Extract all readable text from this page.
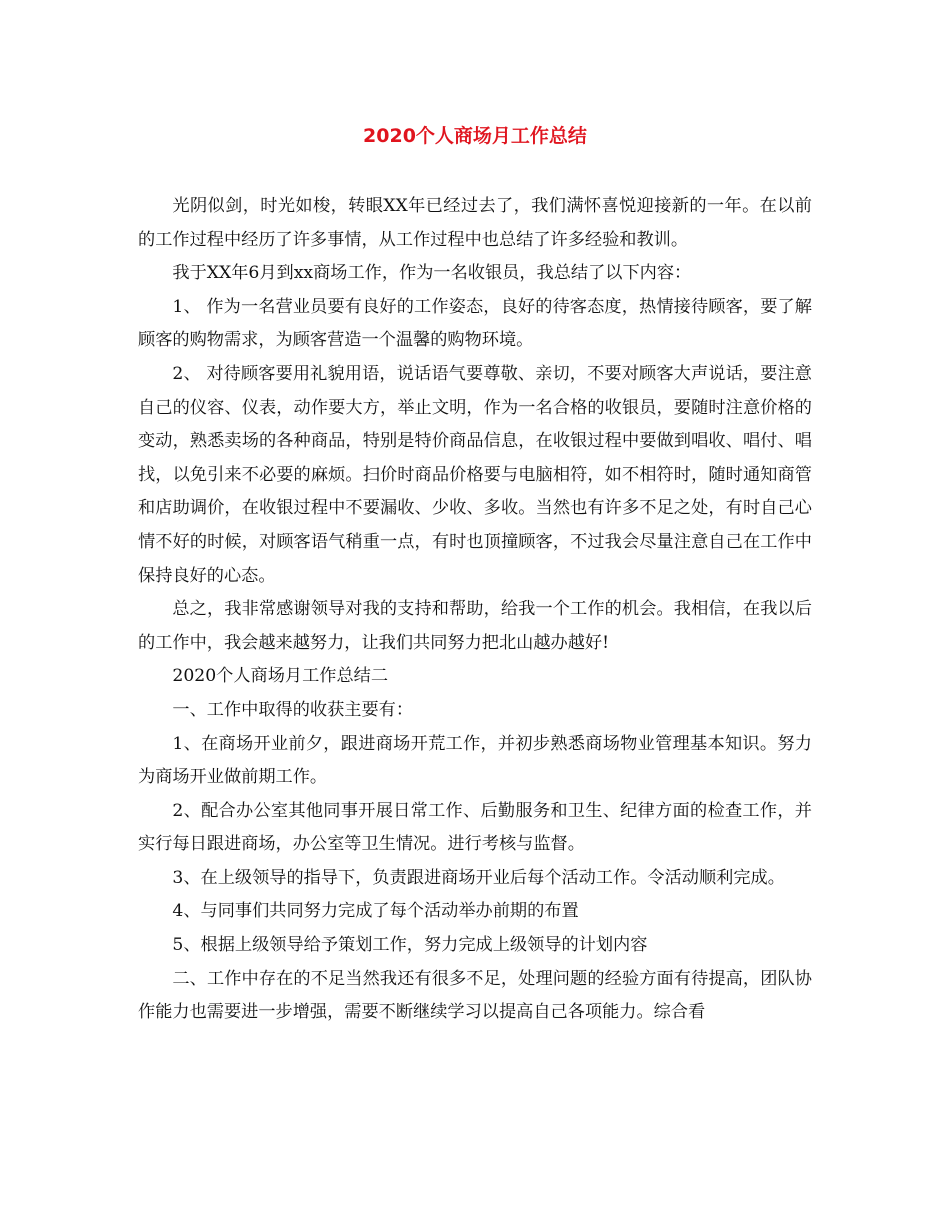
2020个人商场月工作总结

光阴似剑，时光如梭，转眼XX年已经过去了，我们满怀喜悦迎接新的一年。在以前的工作过程中经历了许多事情，从工作过程中也总结了许多经验和教训。

我于XX年6月到xx商场工作，作为一名收银员，我总结了以下内容：

1、 作为一名营业员要有良好的工作姿态，良好的待客态度，热情接待顾客，要了解顾客的购物需求，为顾客营造一个温馨的购物环境。

2、 对待顾客要用礼貌用语，说话语气要尊敬、亲切，不要对顾客大声说话，要注意自己的仪容、仪表，动作要大方，举止文明，作为一名合格的收银员，要随时注意价格的变动，熟悉卖场的各种商品，特别是特价商品信息，在收银过程中要做到唱收、唱付、唱找，以免引来不必要的麻烦。扫价时商品价格要与电脑相符，如不相符时，随时通知商管和店助调价，在收银过程中不要漏收、少收、多收。当然也有许多不足之处，有时自己心情不好的时候，对顾客语气稍重一点，有时也顶撞顾客，不过我会尽量注意自己在工作中保持良好的心态。

总之，我非常感谢领导对我的支持和帮助，给我一个工作的机会。我相信，在我以后的工作中，我会越来越努力，让我们共同努力把北山越办越好!

2020个人商场月工作总结二

一、工作中取得的收获主要有：

1、在商场开业前夕，跟进商场开荒工作，并初步熟悉商场物业管理基本知识。努力为商场开业做前期工作。

2、配合办公室其他同事开展日常工作、后勤服务和卫生、纪律方面的检查工作，并实行每日跟进商场，办公室等卫生情况。进行考核与监督。

3、在上级领导的指导下，负责跟进商场开业后每个活动工作。令活动顺利完成。

4、与同事们共同努力完成了每个活动举办前期的布置

5、根据上级领导给予策划工作，努力完成上级领导的计划内容

二、工作中存在的不足当然我还有很多不足，处理问题的经验方面有待提高，团队协作能力也需要进一步增强，需要不断继续学习以提高自己各项能力。综合看
